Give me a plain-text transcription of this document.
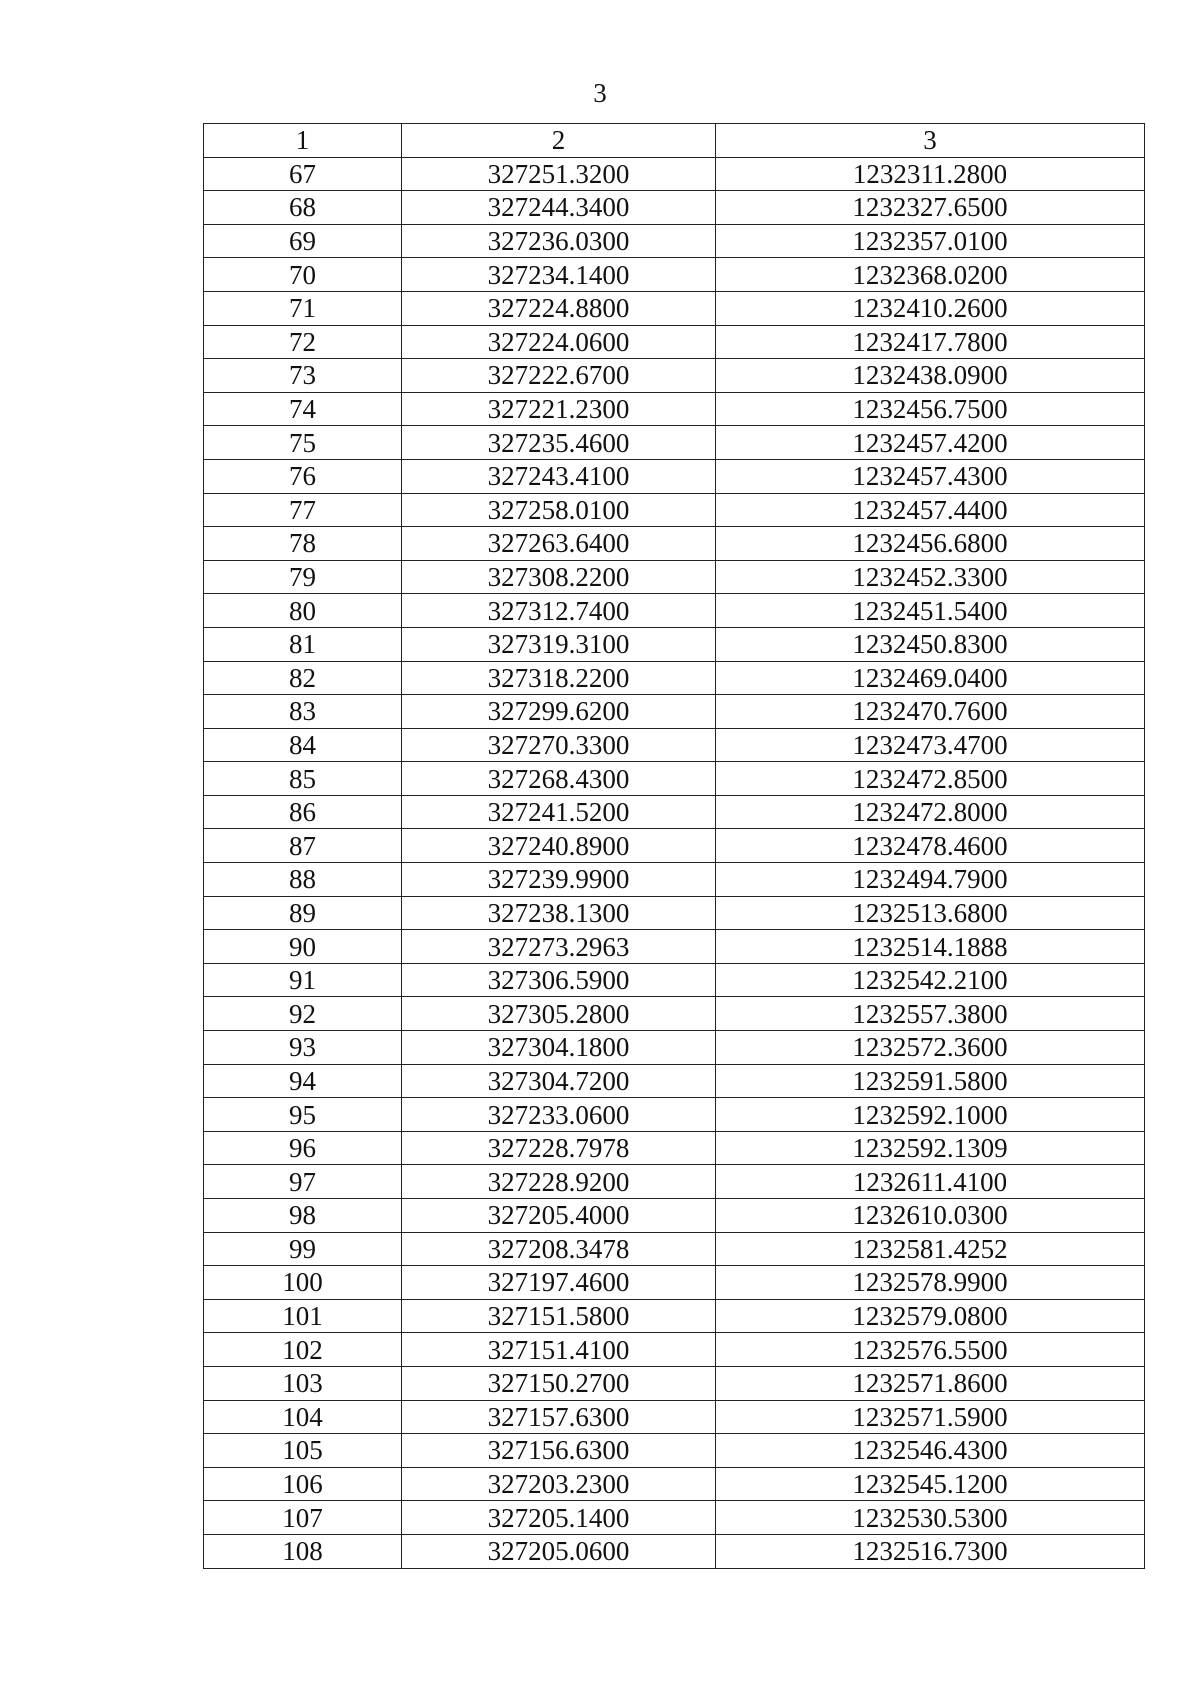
3
1	2	3
67	327251.3200	1232311.2800
68	327244.3400	1232327.6500
69	327236.0300	1232357.0100
70	327234.1400	1232368.0200
71	327224.8800	1232410.2600
72	327224.0600	1232417.7800
73	327222.6700	1232438.0900
74	327221.2300	1232456.7500
75	327235.4600	1232457.4200
76	327243.4100	1232457.4300
77	327258.0100	1232457.4400
78	327263.6400	1232456.6800
79	327308.2200	1232452.3300
80	327312.7400	1232451.5400
81	327319.3100	1232450.8300
82	327318.2200	1232469.0400
83	327299.6200	1232470.7600
84	327270.3300	1232473.4700
85	327268.4300	1232472.8500
86	327241.5200	1232472.8000
87	327240.8900	1232478.4600
88	327239.9900	1232494.7900
89	327238.1300	1232513.6800
90	327273.2963	1232514.1888
91	327306.5900	1232542.2100
92	327305.2800	1232557.3800
93	327304.1800	1232572.3600
94	327304.7200	1232591.5800
95	327233.0600	1232592.1000
96	327228.7978	1232592.1309
97	327228.9200	1232611.4100
98	327205.4000	1232610.0300
99	327208.3478	1232581.4252
100	327197.4600	1232578.9900
101	327151.5800	1232579.0800
102	327151.4100	1232576.5500
103	327150.2700	1232571.8600
104	327157.6300	1232571.5900
105	327156.6300	1232546.4300
106	327203.2300	1232545.1200
107	327205.1400	1232530.5300
108	327205.0600	1232516.7300
